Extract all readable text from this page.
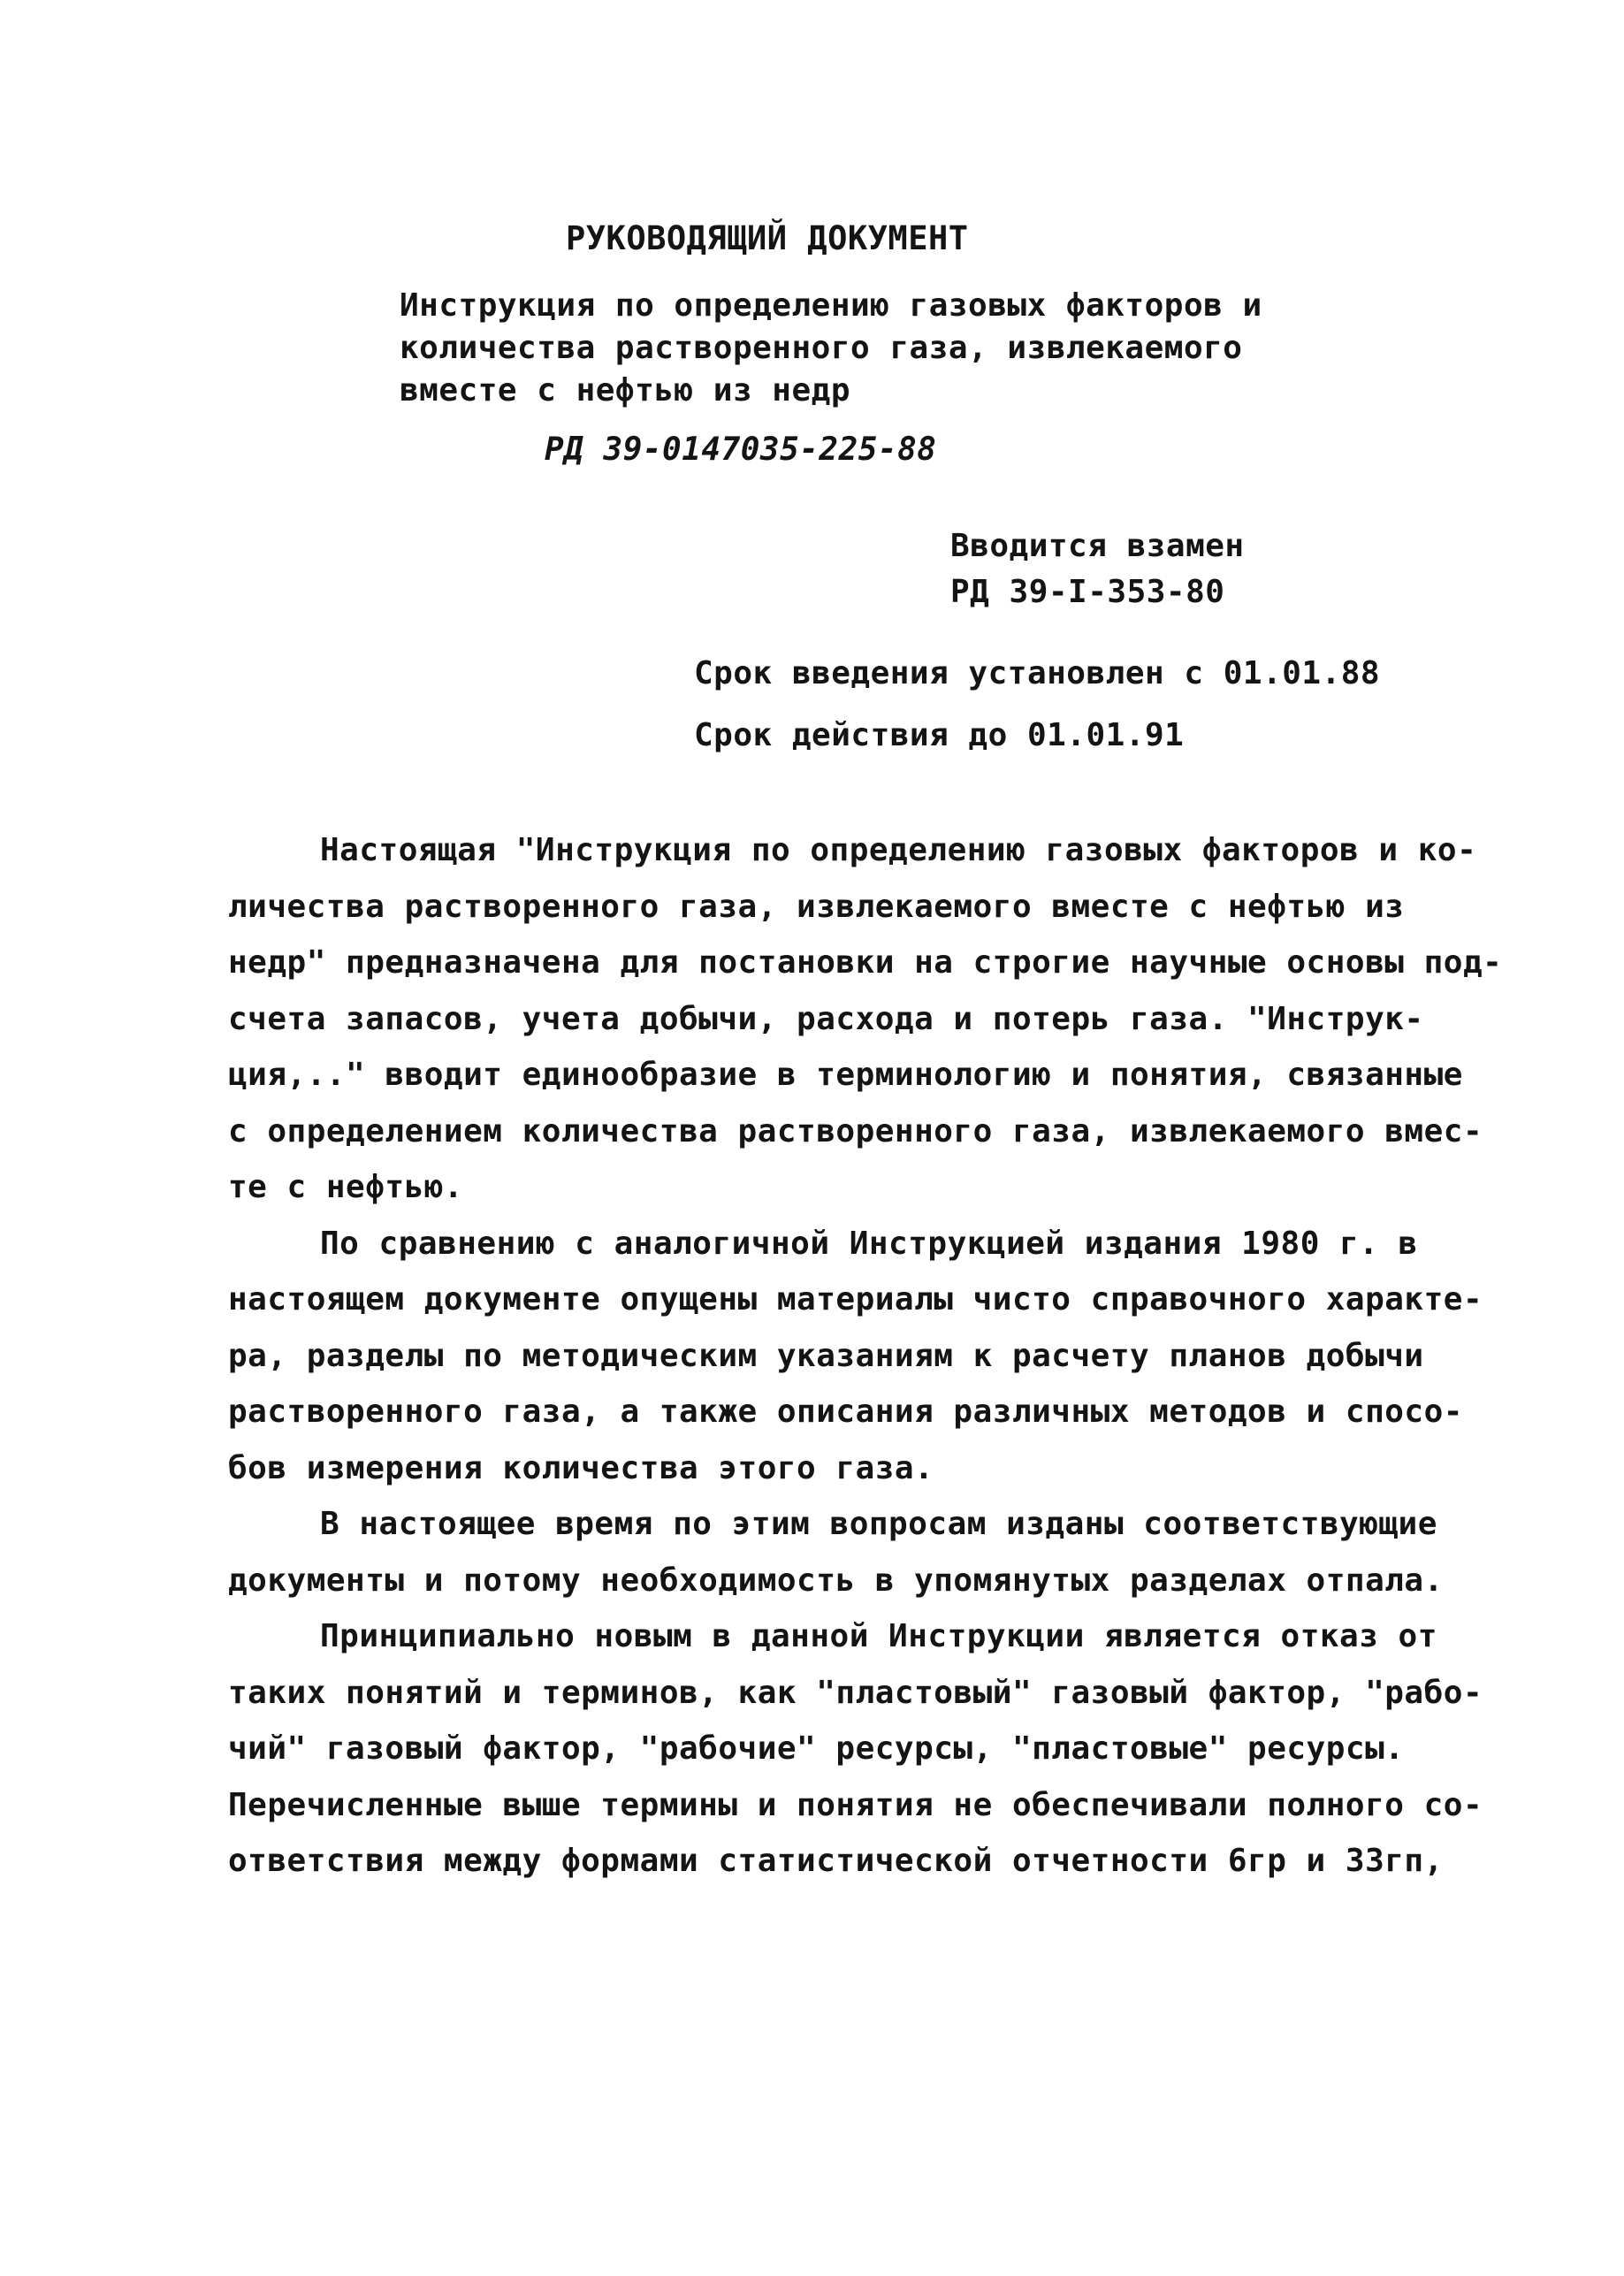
РУКОВОДЯЩИЙ ДОКУМЕНТ

Инструкция по определению газовых факторов и
количества растворенного газа, извлекаемого
вместе с нефтью из недр

РД 39-0147035-225-88

Вводится взамен
РД 39-I-353-80
Срок введения установлен с 01.01.88
Срок действия до 01.01.91
Настоящая "Инструкция по определению газовых факторов и ко-
личества растворенного газа, извлекаемого вместе с нефтью из
недр" предназначена для постановки на строгие научные основы под-
счета запасов, учета добычи, расхода и потерь газа. "Инструк-
ция,.." вводит единообразие в терминологию и понятия, связанные
с определением количества растворенного газа, извлекаемого вмес-
те с нефтью.
По сравнению с аналогичной Инструкцией издания 1980 г. в
настоящем документе опущены материалы чисто справочного характе-
ра, разделы по методическим указаниям к расчету планов добычи
растворенного газа, а также описания различных методов и спосо-
бов измерения количества этого газа.
В настоящее время по этим вопросам изданы соответствующие
документы и потому необходимость в упомянутых разделах отпала.
Принципиально новым в данной Инструкции является отказ от
таких понятий и терминов, как "пластовый" газовый фактор, "рабо-
чий" газовый фактор, "рабочие" ресурсы, "пластовые" ресурсы.
Перечисленные выше термины и понятия не обеспечивали полного со-
ответствия между формами статистической отчетности 6гр и 33гп,
